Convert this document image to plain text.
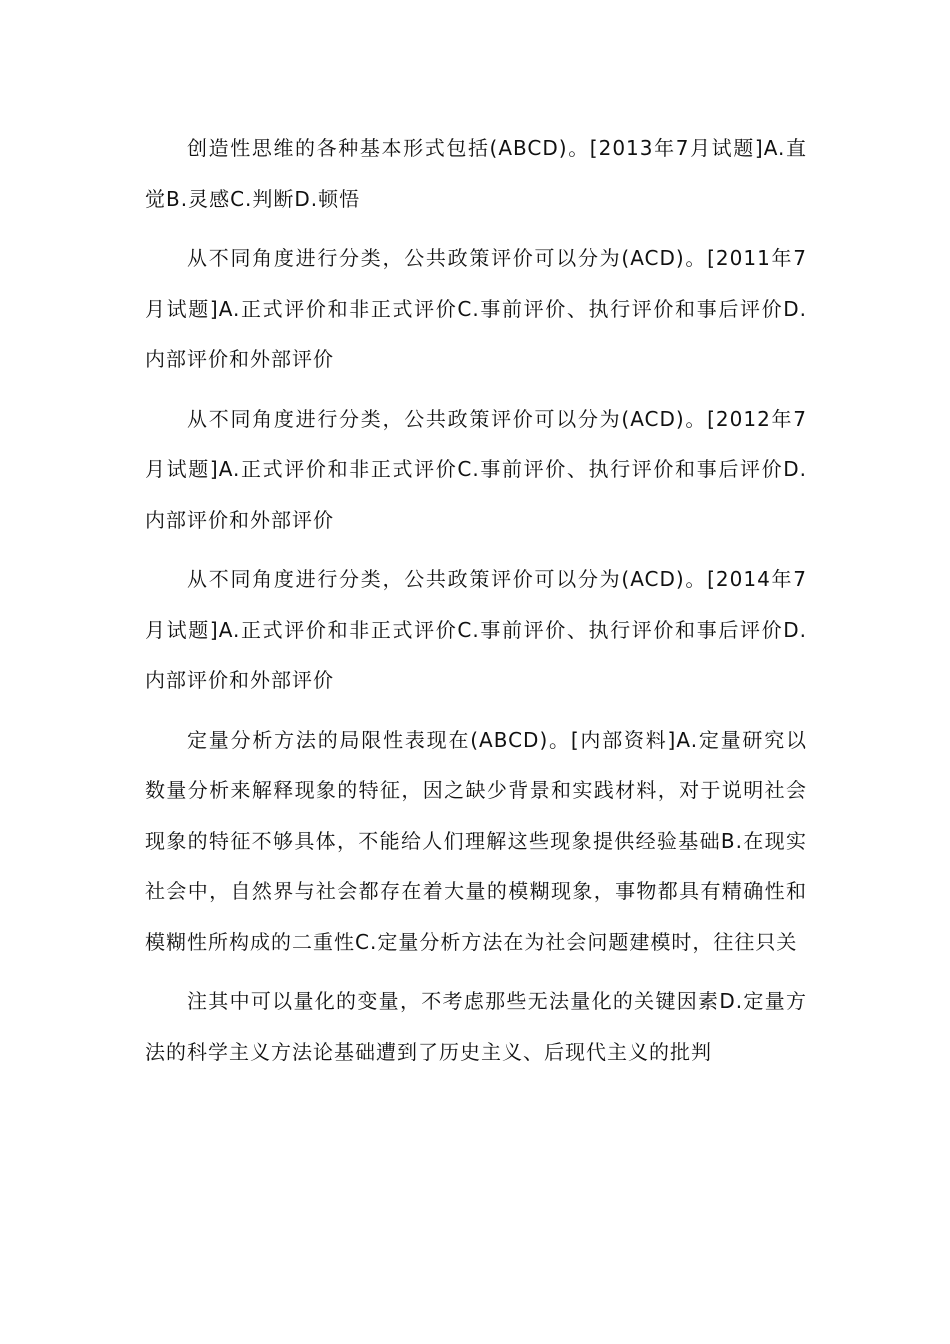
创造性思维的各种基本形式包括(ABCD)。[2013年7月试题]A.直觉B.灵感C.判断D.顿悟

从不同角度进行分类，公共政策评价可以分为(ACD)。[2011年7月试题]A.正式评价和非正式评价C.事前评价、执行评价和事后评价D.内部评价和外部评价

从不同角度进行分类，公共政策评价可以分为(ACD)。[2012年7月试题]A.正式评价和非正式评价C.事前评价、执行评价和事后评价D.内部评价和外部评价

从不同角度进行分类，公共政策评价可以分为(ACD)。[2014年7月试题]A.正式评价和非正式评价C.事前评价、执行评价和事后评价D.内部评价和外部评价

定量分析方法的局限性表现在(ABCD)。[内部资料]A.定量研究以数量分析来解释现象的特征，因之缺少背景和实践材料，对于说明社会现象的特征不够具体，不能给人们理解这些现象提供经验基础B.在现实社会中，自然界与社会都存在着大量的模糊现象，事物都具有精确性和模糊性所构成的二重性C.定量分析方法在为社会问题建模时，往往只关

注其中可以量化的变量，不考虑那些无法量化的关键因素D.定量方法的科学主义方法论基础遭到了历史主义、后现代主义的批判
